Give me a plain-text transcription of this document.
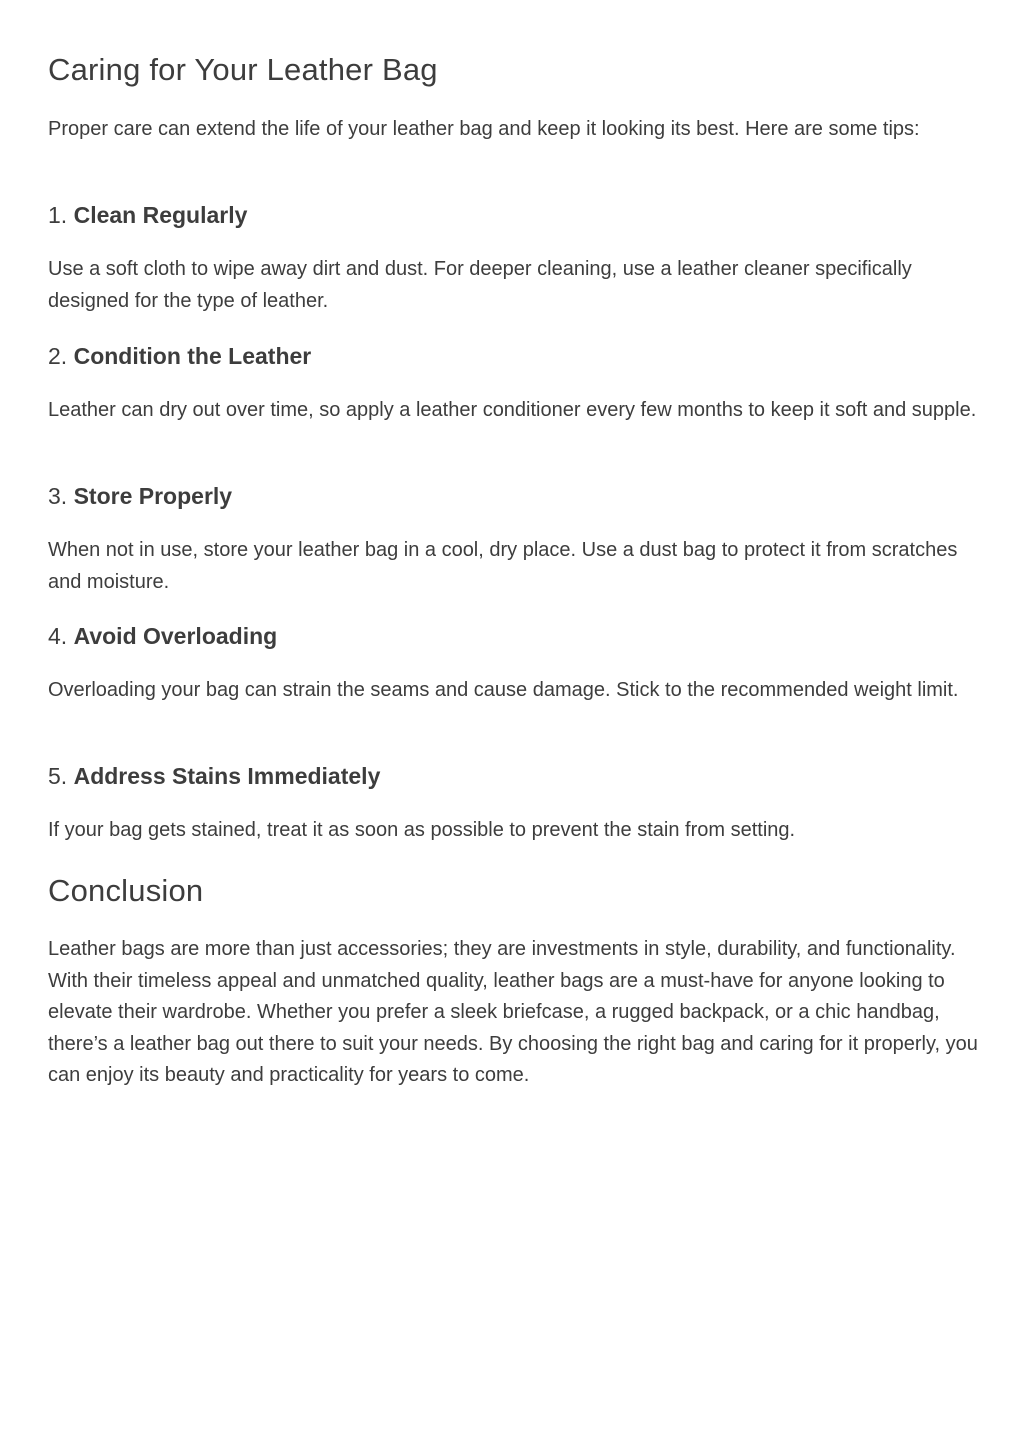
Caring for Your Leather Bag

Proper care can extend the life of your leather bag and keep it looking its best. Here are some tips:

1. Clean Regularly

Use a soft cloth to wipe away dirt and dust. For deeper cleaning, use a leather cleaner specifically designed for the type of leather.

2. Condition the Leather

Leather can dry out over time, so apply a leather conditioner every few months to keep it soft and supple.

3. Store Properly

When not in use, store your leather bag in a cool, dry place. Use a dust bag to protect it from scratches and moisture.

4. Avoid Overloading

Overloading your bag can strain the seams and cause damage. Stick to the recommended weight limit.

5. Address Stains Immediately

If your bag gets stained, treat it as soon as possible to prevent the stain from setting.

Conclusion

Leather bags are more than just accessories; they are investments in style, durability, and functionality. With their timeless appeal and unmatched quality, leather bags are a must-have for anyone looking to elevate their wardrobe. Whether you prefer a sleek briefcase, a rugged backpack, or a chic handbag, there’s a leather bag out there to suit your needs. By choosing the right bag and caring for it properly, you can enjoy its beauty and practicality for years to come.
